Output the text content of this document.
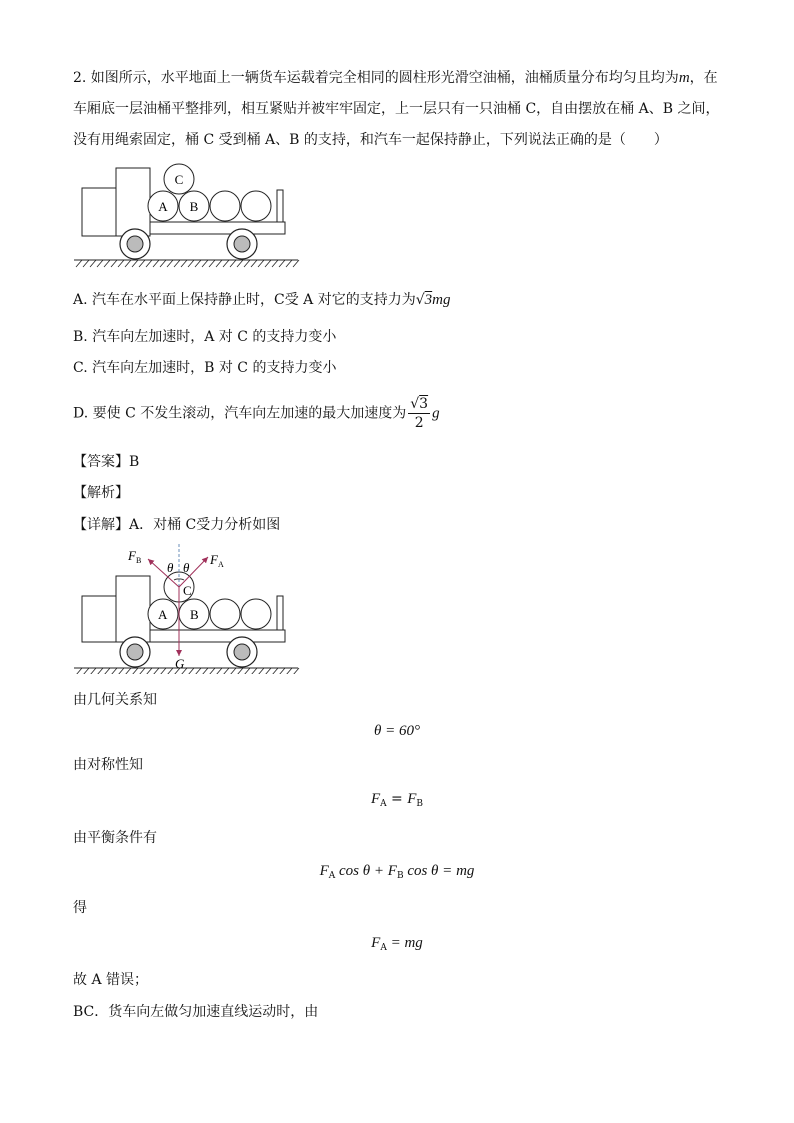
2. 如图所示，水平地面上一辆货车运载着完全相同的圆柱形光滑空油桶，油桶质量分布均匀且均为m，在
车厢底一层油桶平整排列，相互紧贴并被牢牢固定，上一层只有一只油桶 C，自由摆放在桶 A、B 之间，
没有用绳索固定，桶 C 受到桶 A、B 的支持，和汽车一起保持静止，下列说法正确的是（　　）
C
A B
A. 汽车在水平面上保持静止时，C受 A 对它的支持力为√3mg
B. 汽车向左加速时，A 对 C 的支持力变小
C. 汽车向左加速时，B 对 C 的支持力变小
D. 要使 C 不发生滚动，汽车向左加速的最大加速度为 $\frac{√3}{2}$ g
【答案】B
【解析】
【详解】A．对桶 C受力分析如图
$F_B$	$F_A$
θ θ
C
A B
G
由几何关系知
θ = 60°
由对称性知
$F_A = F_B$
由平衡条件有
$F_A$ $\cos \theta + F_B$ cos θ = mg
得
$F_A$ = mg
故 A 错误；
BC．货车向左做匀加速直线运动时，由
